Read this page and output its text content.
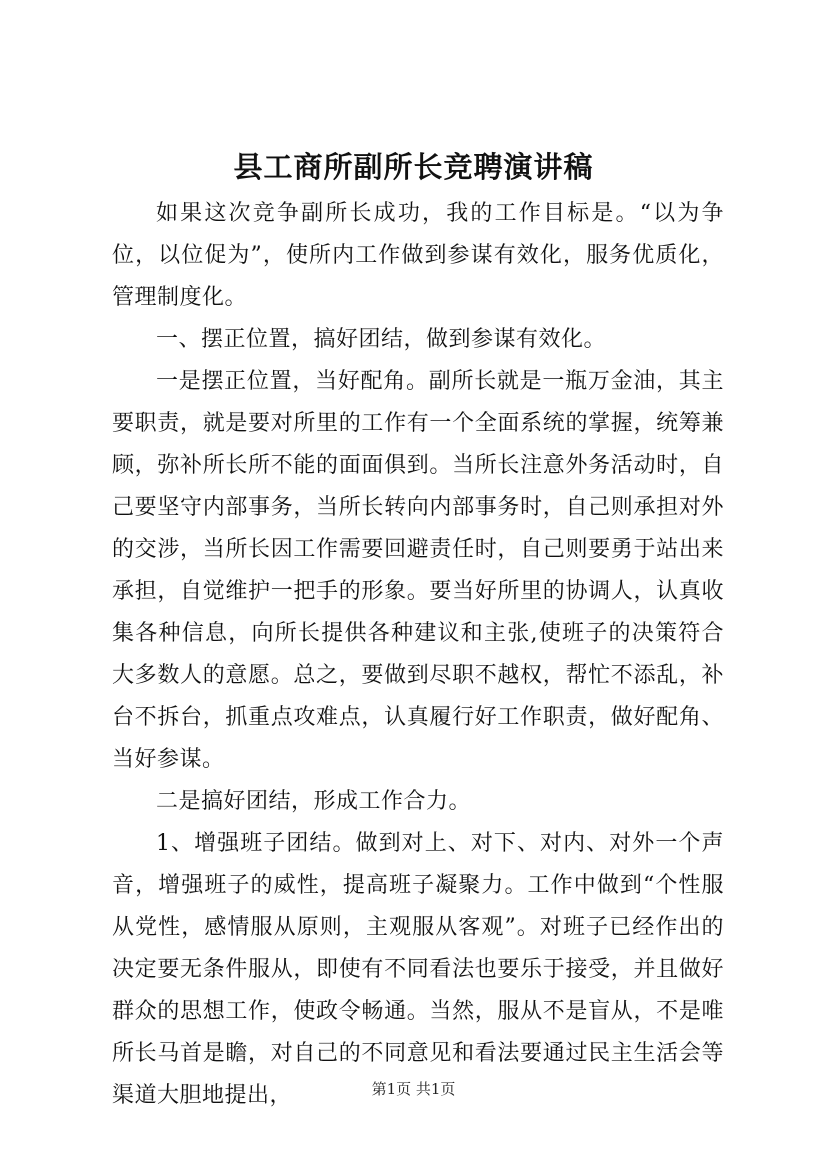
县工商所副所长竞聘演讲稿

如果这次竞争副所长成功，我的工作目标是。“以为争位，以位促为”，使所内工作做到参谋有效化，服务优质化，管理制度化。

一、摆正位置，搞好团结，做到参谋有效化。

一是摆正位置，当好配角。副所长就是一瓶万金油，其主要职责，就是要对所里的工作有一个全面系统的掌握，统筹兼顾，弥补所长所不能的面面俱到。当所长注意外务活动时，自己要坚守内部事务，当所长转向内部事务时，自己则承担对外的交涉，当所长因工作需要回避责任时，自己则要勇于站出来承担，自觉维护一把手的形象。要当好所里的协调人，认真收集各种信息，向所长提供各种建议和主张,使班子的决策符合大多数人的意愿。总之，要做到尽职不越权，帮忙不添乱，补台不拆台，抓重点攻难点，认真履行好工作职责，做好配角、当好参谋。

二是搞好团结，形成工作合力。

1、增强班子团结。做到对上、对下、对内、对外一个声音，增强班子的威性，提高班子凝聚力。工作中做到“个性服从党性，感情服从原则，主观服从客观”。对班子已经作出的决定要无条件服从，即使有不同看法也要乐于接受，并且做好群众的思想工作，使政令畅通。当然，服从不是盲从，不是唯所长马首是瞻，对自己的不同意见和看法要通过民主生活会等渠道大胆地提出，	第1页 共1页
